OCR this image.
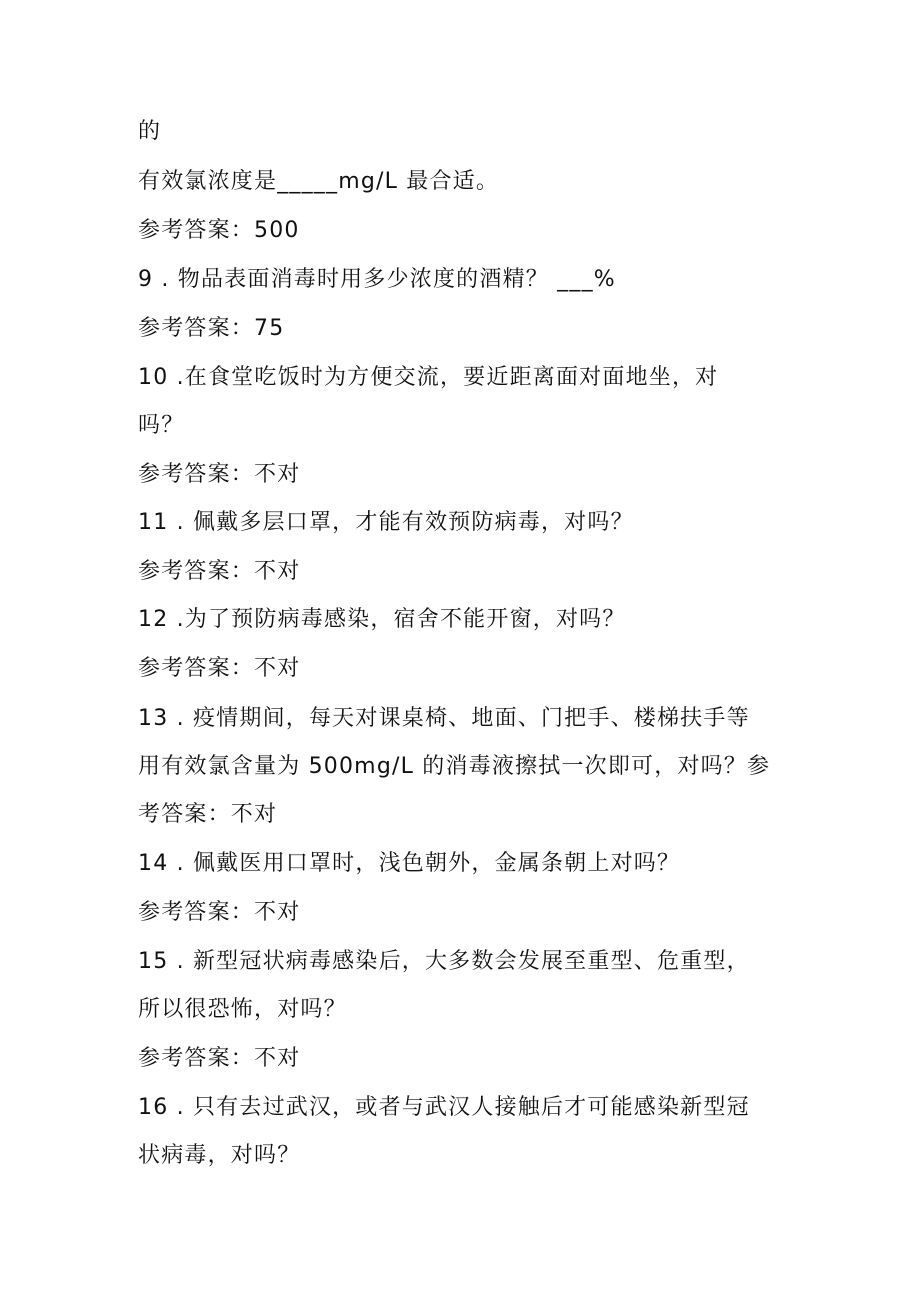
的
有效氯浓度是_____mg/L 最合适。
参考答案：500
9 . 物品表面消毒时用多少浓度的酒精？ ___%
参考答案：75
10 .在食堂吃饭时为方便交流，要近距离面对面地坐，对
吗？
参考答案：不对
11 . 佩戴多层口罩，才能有效预防病毒，对吗？
参考答案：不对
12 .为了预防病毒感染，宿舍不能开窗，对吗？
参考答案：不对
13 . 疫情期间，每天对课桌椅、地面、门把手、楼梯扶手等
用有效氯含量为 500mg/L 的消毒液擦拭一次即可，对吗？参
考答案：不对
14 . 佩戴医用口罩时，浅色朝外，金属条朝上对吗？
参考答案：不对
15 . 新型冠状病毒感染后，大多数会发展至重型、危重型，
所以很恐怖，对吗？
参考答案：不对
16 . 只有去过武汉，或者与武汉人接触后才可能感染新型冠
状病毒，对吗？
